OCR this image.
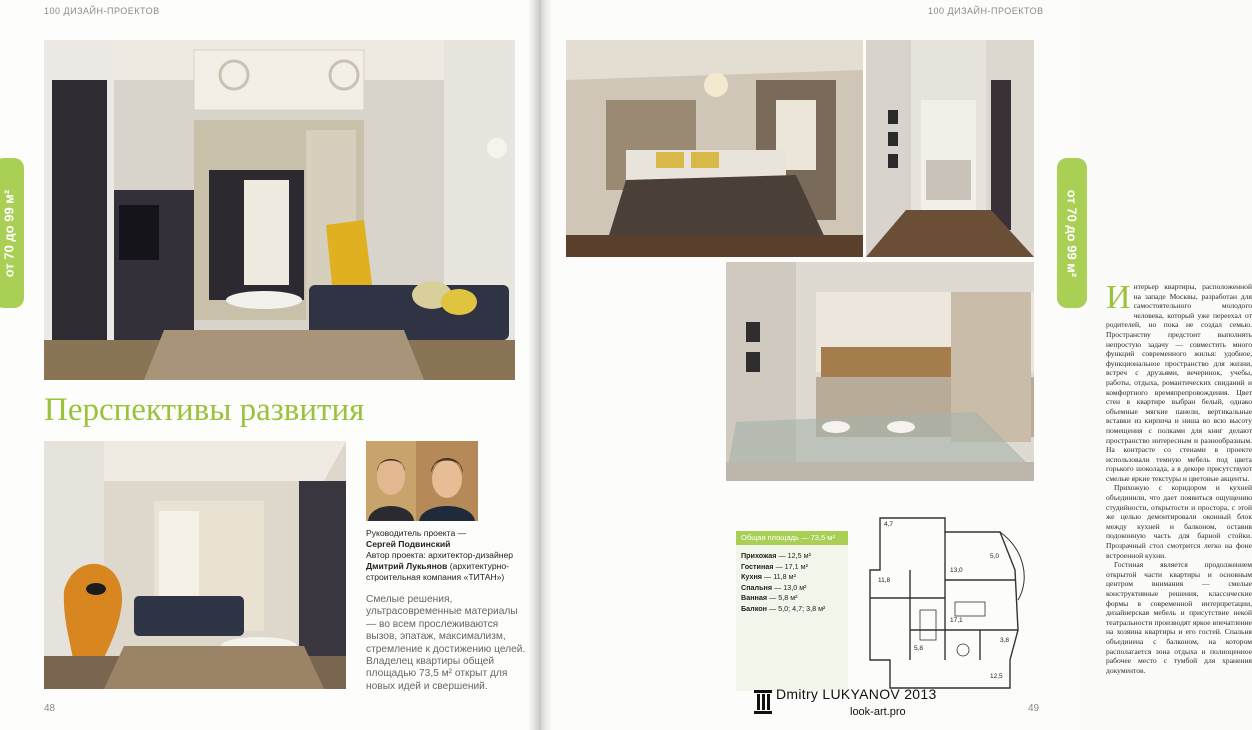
100 ДИЗАЙН-ПРОЕКТОВ
от 70 до 99 м²
Перспективы развития
Руководитель проекта —
Сергей Подвинский
Автор проекта: архитектор-дизайнер
Дмитрий Лукьянов (архитектурно-строительная компания «ТИТАН»)
Смелые решения, ультрасовременные материалы — во всем прослеживаются вызов, эпатаж, максимализм, стремление к достижению целей. Владелец квартиры общей площадью 73,5 м² открыт для новых идей и свершений.
48
100 ДИЗАЙН-ПРОЕКТОВ
от 70 до 99 м²

Интерьер квартиры, расположенной на западе Москвы, разработан для самостоятельного молодого человека, который уже переехал от родителей, но пока не создал семью. Пространству предстоит выполнять непростую задачу — совместить много функций современного жилья: удобное, функциональное пространство для жизни, встреч с друзьями, вечеринок, учебы, работы, отдыха, романтических свиданий и комфортного времяпрепровождения. Цвет стен в квартире выбран белый, однако объемные мягкие панели, вертикальные вставки из кирпича и ниша во всю высоту помещения с полками для книг делают пространство интересным и разнообразным. На контрасте со стенами в проекте использовали темную мебель под цвета горького шоколада, а в декоре присутствуют смелые яркие текстуры и цветовые акценты.

Прихожую с коридором и кухней объединили, что дает появиться ощущению студийности, открытости и простора, с этой же целью демонтировали оконный блок между кухней и балконом, оставив подоконную часть для барной стойки. Прозрачный стол смотрится легко на фоне встроенной кухни.

Гостиная является продолжением открытой части квартиры и основным центром внимания — смелые конструктивные решения, классические формы в современной интерпретации, дизайнерская мебель и присутствие некой театральности производят яркое впечатление на хозяина квартиры и его гостей. Спальня объединена с балконом, на котором располагается зона отдыха и полноценное рабочее место с тумбой для хранения документов.

Общая площадь — 73,5 м²
Прихожая — 12,5 м²
Гостиная — 17,1 м²
Кухня — 11,8 м²
Спальня — 13,0 м²
Ванная — 5,8 м²
Балкон — 5,0; 4,7; 3,8 м²
4,7
11,8
13,0
5,0
17,1
5,8
3,8
12,5
Dmitry LUKYANOV 2013
look-art.pro	49
